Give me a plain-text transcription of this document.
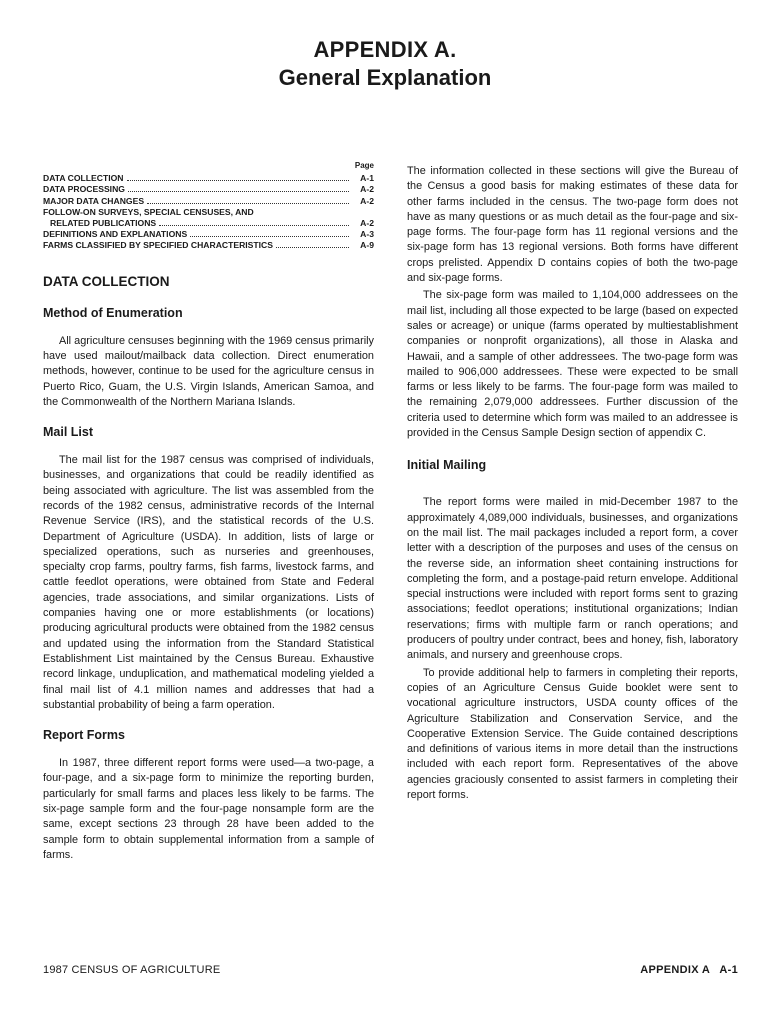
APPENDIX A.
General Explanation
Page
DATA COLLECTION	A-1
DATA PROCESSING	A-2
MAJOR DATA CHANGES	A-2
FOLLOW-ON SURVEYS, SPECIAL CENSUSES, AND
RELATED PUBLICATIONS	A-2
DEFINITIONS AND EXPLANATIONS	A-3
FARMS CLASSIFIED BY SPECIFIED CHARACTERISTICS	A-9
DATA COLLECTION
Method of Enumeration

All agriculture censuses beginning with the 1969 census primarily have used mailout/mailback data collection. Direct enumeration methods, however, continue to be used for the agriculture census in Puerto Rico, Guam, the U.S. Virgin Islands, American Samoa, and the Commonwealth of the Northern Mariana Islands.

Mail List

The mail list for the 1987 census was comprised of individuals, businesses, and organizations that could be readily identified as being associated with agriculture. The list was assembled from the records of the 1982 census, administrative records of the Internal Revenue Service (IRS), and the statistical records of the U.S. Department of Agriculture (USDA). In addition, lists of large or specialized operations, such as nurseries and greenhouses, specialty crop farms, poultry farms, fish farms, livestock farms, and cattle feedlot operations, were obtained from State and Federal agencies, trade associations, and similar organizations. Lists of companies having one or more establishments (or locations) producing agricultural products were obtained from the 1982 census and updated using the information from the Standard Statistical Establishment List maintained by the Census Bureau. Exhaustive record linkage, unduplication, and mathematical modeling yielded a final mail list of 4.1 million names and addresses that had a substantial probability of being a farm operation.

Report Forms

In 1987, three different report forms were used—a two-page, a four-page, and a six-page form to minimize the reporting burden, particularly for small farms and places less likely to be farms. The six-page sample form and the four-page nonsample form are the same, except sections 23 through 28 have been added to the sample form to obtain supplemental information from a sample of farms.

The information collected in these sections will give the Bureau of the Census a good basis for making estimates of these data for other farms included in the census. The two-page form does not have as many questions or as much detail as the four-page and six-page forms. The four-page form has 11 regional versions and the six-page form has 13 regional versions. Both forms have different crops prelisted. Appendix D contains copies of both the two-page and six-page forms.

The six-page form was mailed to 1,104,000 addressees on the mail list, including all those expected to be large (based on expected sales or acreage) or unique (farms operated by multiestablishment companies or nonprofit organizations), all those in Alaska and Hawaii, and a sample of other addressees. The two-page form was mailed to 906,000 addressees. These were expected to be small farms or less likely to be farms. The four-page form was mailed to the remaining 2,079,000 addressees. Further discussion of the criteria used to determine which form was mailed to an addressee is provided in the Census Sample Design section of appendix C.

Initial Mailing

The report forms were mailed in mid-December 1987 to the approximately 4,089,000 individuals, businesses, and organizations on the mail list. The mail packages included a report form, a cover letter with a description of the purposes and uses of the census on the reverse side, an information sheet containing instructions for completing the form, and a postage-paid return envelope. Additional special instructions were included with report forms sent to grazing associations; feedlot operations; institutional organizations; Indian reservations; firms with multiple farm or ranch operations; and producers of poultry under contract, bees and honey, fish, laboratory animals, and nursery and greenhouse crops.

To provide additional help to farmers in completing their reports, copies of an Agriculture Census Guide booklet were sent to vocational agriculture instructors, USDA county offices of the Agriculture Stabilization and Conservation Service, and the Cooperative Extension Service. The Guide contained descriptions and definitions of various items in more detail than the instructions included with each report form. Representatives of the above agencies graciously consented to assist farmers in completing their report forms.

1987 CENSUS OF AGRICULTURE	APPENDIX A   A-1
